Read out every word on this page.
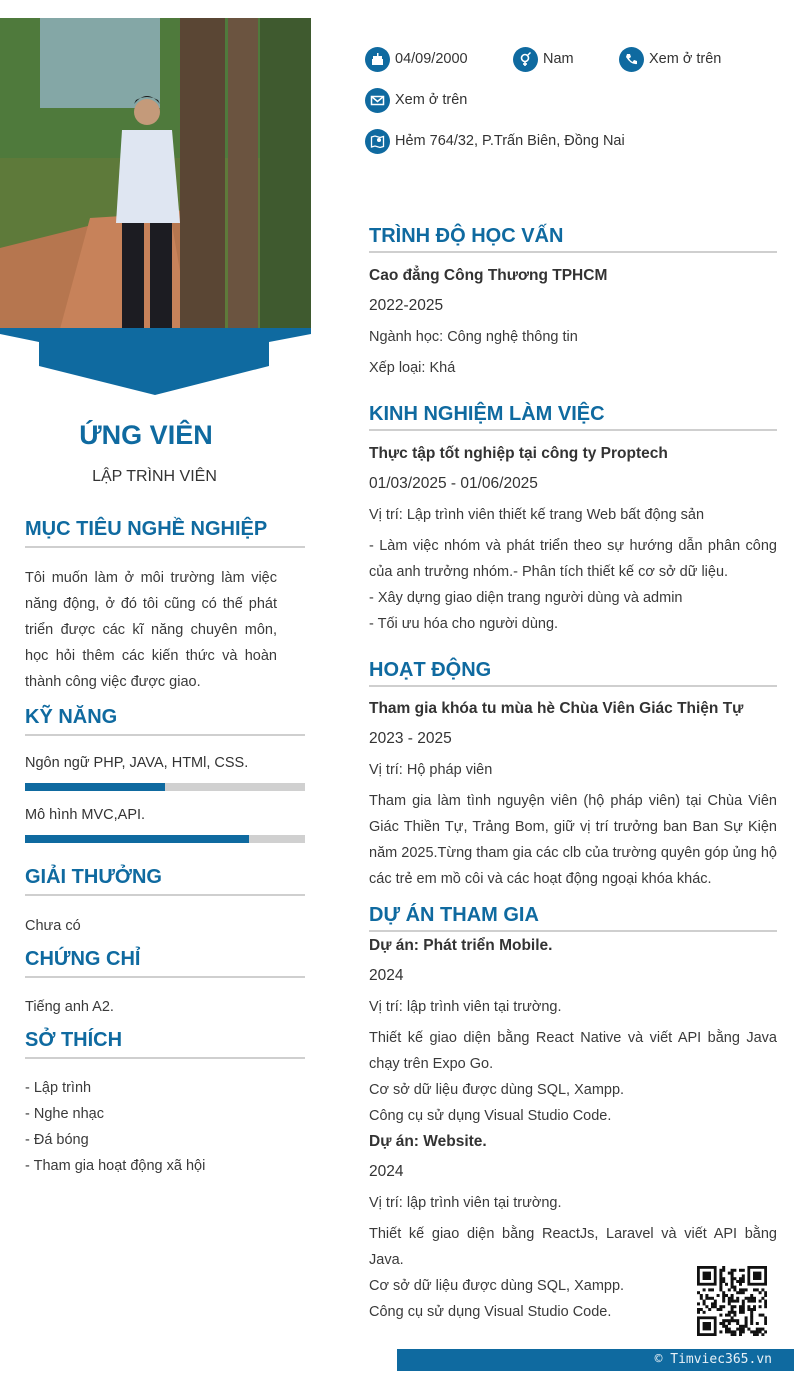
ỨNG VIÊN
LẬP TRÌNH VIÊN
04/09/2000	Nam	Xem ở trên
Xem ở trên
Hẻm 764/32, P.Trấn Biên, Đồng Nai
MỤC TIÊU NGHỀ NGHIỆP
Tôi muốn làm ở môi trường làm việc năng động, ở đó tôi cũng có thế phát triển được các kĩ năng chuyên môn, học hỏi thêm các kiến thức và hoàn thành công việc được giao.
KỸ NĂNG
Ngôn ngữ PHP, JAVA, HTMl, CSS.
Mô hình MVC,API.
GIẢI THƯỞNG
Chưa có
CHỨNG CHỈ
Tiếng anh A2.
SỞ THÍCH
- Lập trình
- Nghe nhạc
- Đá bóng
- Tham gia hoạt động xã hội
TRÌNH ĐỘ HỌC VẤN
Cao đẳng Công Thương TPHCM
2022-2025
Ngành học: Công nghệ thông tin
Xếp loại: Khá
KINH NGHIỆM LÀM VIỆC
Thực tập tốt nghiệp tại công ty Proptech
01/03/2025 - 01/06/2025
Vị trí: Lập trình viên thiết kế trang Web bất động sản
- Làm việc nhóm và phát triển theo sự hướng dẫn phân công của anh trưởng nhóm.- Phân tích thiết kế cơ sở dữ liệu.
- Xây dựng giao diện trang người dùng và admin
- Tối ưu hóa cho người dùng.
HOẠT ĐỘNG
Tham gia khóa tu mùa hè Chùa Viên Giác Thiện Tự
2023 - 2025
Vị trí: Hộ pháp viên
Tham gia làm tình nguyện viên (hộ pháp viên) tại Chùa Viên Giác Thiền Tự, Trảng Bom, giữ vị trí trưởng ban Ban Sự Kiện năm 2025.Từng tham gia các clb của trường quyên góp ủng hộ các trẻ em mồ côi và các hoạt động ngoại khóa khác.
DỰ ÁN THAM GIA
Dự án: Phát triển Mobile.
2024
Vị trí: lập trình viên tại trường.
Thiết kế giao diện bằng React Native và viết API bằng Java chạy trên Expo Go.
Cơ sở dữ liệu được dùng SQL, Xampp.
Công cụ sử dụng Visual Studio Code.
Dự án: Website.
2024
Vị trí: lập trình viên tại trường.
Thiết kế giao diện bằng ReactJs, Laravel và viết API bằng Java.
Cơ sở dữ liệu được dùng SQL, Xampp.
Công cụ sử dụng Visual Studio Code.
© Timviec365.vn
